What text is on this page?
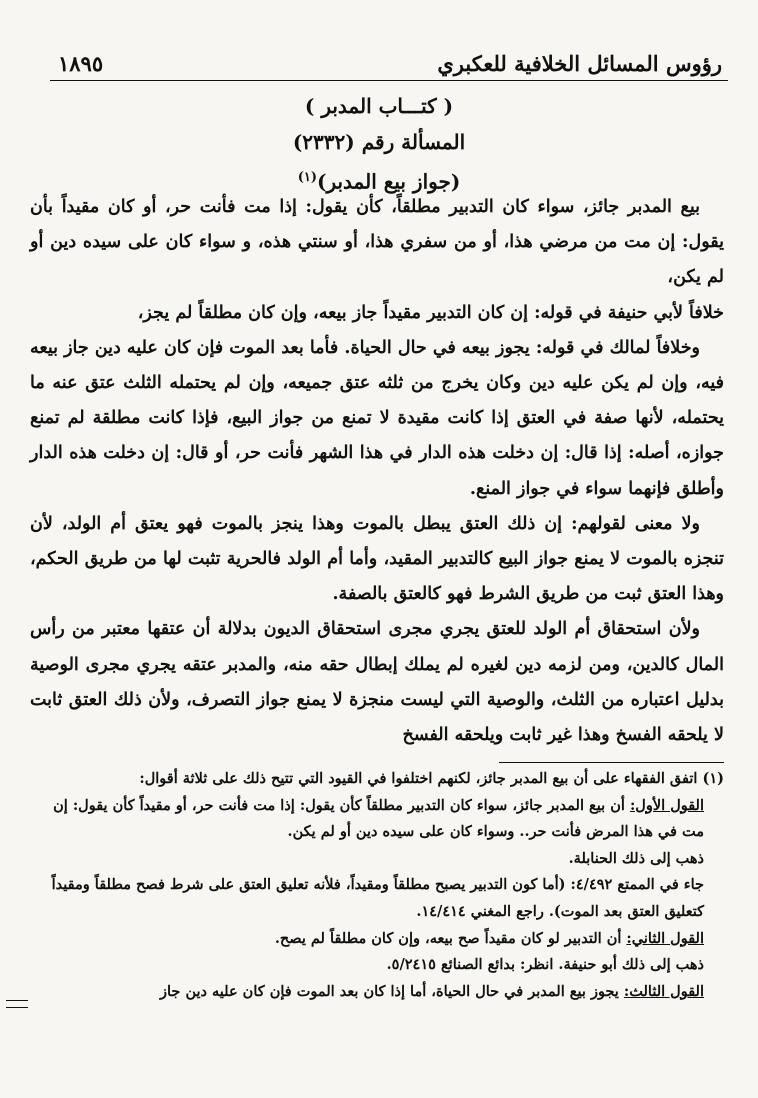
١٨٩٥	رؤوس المسائل الخلافية للعكبري
( كتـــاب المدبر )
المسألة رقم (٢٣٣٢)
(جواز بيع المدبر)$^{(١)}$

بيع المدبر جائز، سواء كان التدبير مطلقاً، كأن يقول: إذا مت فأنت حر، أو كان مقيداً بأن يقول: إن مت من مرضي هذا، أو من سفري هذا، أو سنتي هذه، و سواء كان على سيده دين أو لم يكن،

خلافاً لأبي حنيفة في قوله: إن كان التدبير مقيداً جاز بيعه، وإن كان مطلقاً لم يجز،

وخلافاً لمالك في قوله: يجوز بيعه في حال الحياة. فأما بعد الموت فإن كان عليه دين جاز بيعه فيه، وإن لم يكن عليه دين وكان يخرج من ثلثه عتق جميعه، وإن لم يحتمله الثلث عتق عنه ما يحتمله، لأنها صفة في العتق إذا كانت مقيدة لا تمنع من جواز البيع، فإذا كانت مطلقة لم تمنع جوازه، أصله: إذا قال: إن دخلت هذه الدار في هذا الشهر فأنت حر، أو قال: إن دخلت هذه الدار وأطلق فإنهما سواء في جواز المنع.

ولا معنى لقولهم: إن ذلك العتق يبطل بالموت وهذا ينجز بالموت فهو يعتق أم الولد، لأن تنجزه بالموت لا يمنع جواز البيع كالتدبير المقيد، وأما أم الولد فالحرية تثبت لها من طريق الحكم، وهذا العتق ثبت من طريق الشرط فهو كالعتق بالصفة.

ولأن استحقاق أم الولد للعتق يجري مجرى استحقاق الديون بدلالة أن عتقها معتبر من رأس المال كالدين، ومن لزمه دين لغيره لم يملك إبطال حقه منه، والمدبر عتقه يجري مجرى الوصية بدليل اعتباره من الثلث، والوصية التي ليست منجزة لا يمنع جواز التصرف، ولأن ذلك العتق ثابت لا يلحقه الفسخ وهذا غير ثابت ويلحقه الفسخ

(١) اتفق الفقهاء على أن بيع المدبر جائز، لكنهم اختلفوا في القيود التي تتيح ذلك على ثلاثة أقوال:

القول الأول: أن بيع المدبر جائز، سواء كان التدبير مطلقاً كأن يقول: إذا مت فأنت حر، أو مقيداً كأن يقول: إن مت في هذا المرض فأنت حر.. وسواء كان على سيده دين أو لم يكن.

ذهب إلى ذلك الحنابلة.

جاء في الممتع ٤/٤٩٢: (أما كون التدبير يصبح مطلقاً ومقيداً، فلأنه تعليق العتق على شرط فصح مطلقاً ومقيداً كتعليق العتق بعد الموت). راجع المغني ١٤/٤١٤.

القول الثاني: أن التدبير لو كان مقيداً صح بيعه، وإن كان مطلقاً لم يصح.

ذهب إلى ذلك أبو حنيفة. انظر: بدائع الصنائع ٥/٢٤١٥.

القول الثالث: يجوز بيع المدبر في حال الحياة، أما إذا كان بعد الموت فإن كان عليه دين جاز
